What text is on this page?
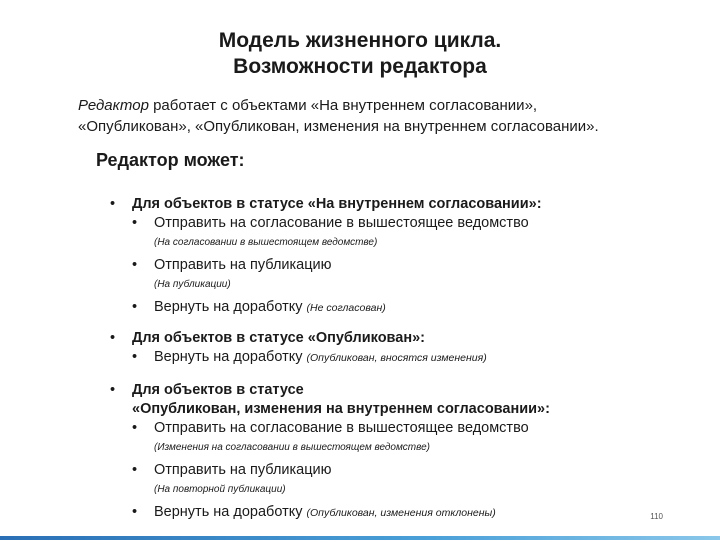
Модель жизненного цикла.
Возможности редактора
Редактор работает с объектами «На внутреннем согласовании»,
«Опубликован», «Опубликован, изменения на внутреннем согласовании».
Редактор может:
• Для объектов в статусе «На внутреннем согласовании»:
• Отправить на согласование в вышестоящее ведомство
(На согласовании в вышестоящем ведомстве)
• Отправить на публикацию
(На публикации)
• Вернуть на доработку (Не согласован)
• Для объектов в статусе «Опубликован»:
• Вернуть на доработку (Опубликован, вносятся изменения)
• Для объектов в статусе
«Опубликован, изменения на внутреннем согласовании»:
• Отправить на согласование в вышестоящее ведомство
(Изменения на согласовании в вышестоящем ведомстве)
• Отправить на публикацию
(На повторной публикации)
• Вернуть на доработку (Опубликован, изменения отклонены)	110
